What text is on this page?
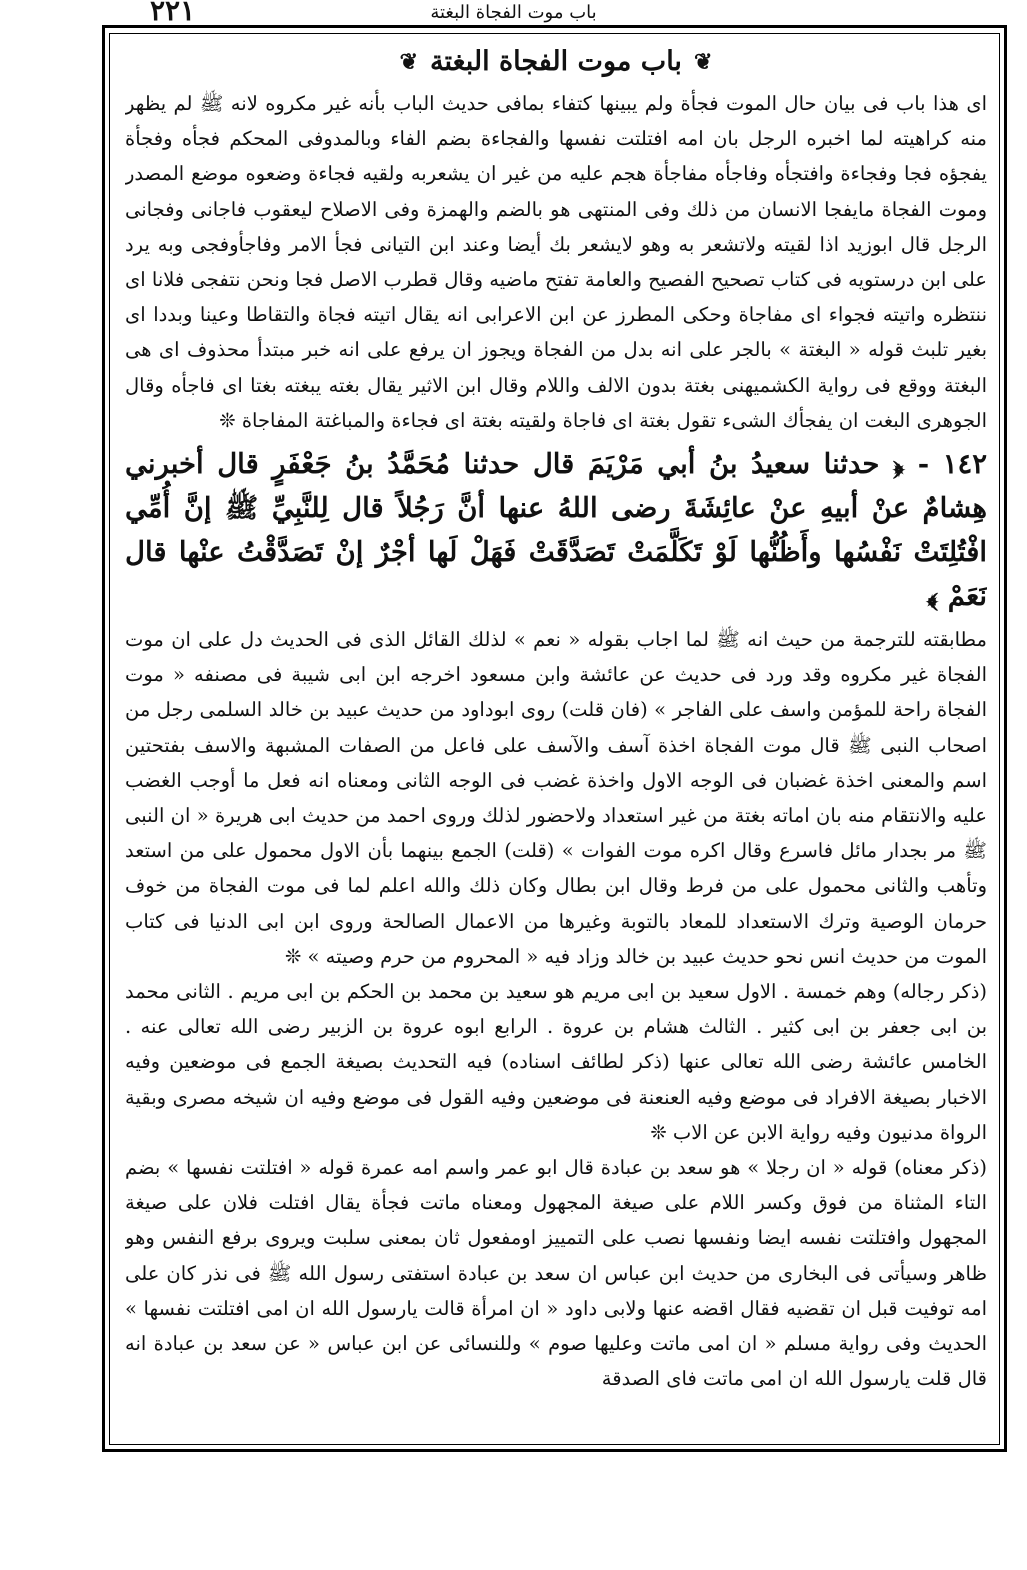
٢٢١	باب موت الفجاة البغتة
❦
باب موت الفجاة البغتة
❦

اى هذا باب فى بيان حال الموت فجأة ولم يبينها كتفاء بمافى حديث الباب بأنه غير مكروه لانه ﷺ لم يظهر منه كراهيته لما اخبره الرجل بان امه افتلتت نفسها والفجاءة بضم الفاء وبالمدوفى المحكم فجأه وفجأة يفجؤه فجا وفجاءة وافتجأه وفاجأه مفاجأة هجم عليه من غير ان يشعربه ولقيه فجاءة وضعوه موضع المصدر وموت الفجاة مايفجا الانسان من ذلك وفى المنتهى هو بالضم والهمزة وفى الاصلاح ليعقوب فاجانى وفجانى الرجل قال ابوزيد اذا لقيته ولاتشعر به وهو لايشعر بك أيضا وعند ابن التيانى فجأ الامر وفاجأوفجى وبه يرد على ابن درستويه فى كتاب تصحيح الفصيح والعامة تفتح ماضيه وقال قطرب الاصل فجا ونحن نتفجى فلانا اى ننتظره واتيته فجواء اى مفاجاة وحكى المطرز عن ابن الاعرابى انه يقال اتيته فجاة والتقاطا وعينا وبددا اى بغير تلبث قوله « البغتة » بالجر على انه بدل من الفجاة ويجوز ان يرفع على انه خبر مبتدأ محذوف اى هى البغتة ووقع فى رواية الكشميهنى بغتة بدون الالف واللام وقال ابن الاثير يقال بغته يبغته بغتا اى فاجأه وقال الجوهرى البغت ان يفجأك الشىء تقول بغتة اى فاجاة ولقيته بغتة اى فجاءة والمباغتة المفاجاة ❊

١٤٢ - ﴿ حدثنا سعيدُ بنُ أبي مَرْيَمَ قال حدثنا مُحَمَّدُ بنُ جَعْفَرٍ قال أخبرني هِشامٌ عنْ أبيهِ عنْ عائِشَةَ رضى اللهُ عنها أنَّ رَجُلاً قال لِلنَّبِيِّ ﷺ إنَّ أُمِّي افْتُلِتَتْ نَفْسُها وأَظُنُّها لَوْ تَكَلَّمَتْ تَصَدَّقَتْ فَهَلْ لَها أجْرٌ إنْ تَصَدَّقْتُ عنْها قال نَعَمْ ﴾

مطابقته للترجمة من حيث انه ﷺ لما اجاب بقوله « نعم » لذلك القائل الذى فى الحديث دل على ان موت الفجاة غير مكروه وقد ورد فى حديث عن عائشة وابن مسعود اخرجه ابن ابى شيبة فى مصنفه « موت الفجاة راحة للمؤمن واسف على الفاجر » (فان قلت) روى ابوداود من حديث عبيد بن خالد السلمى رجل من اصحاب النبى ﷺ قال موت الفجاة اخذة آسف والآسف على فاعل من الصفات المشبهة والاسف بفتحتين اسم والمعنى اخذة غضبان فى الوجه الاول واخذة غضب فى الوجه الثانى ومعناه انه فعل ما أوجب الغضب عليه والانتقام منه بان اماته بغتة من غير استعداد ولاحضور لذلك وروى احمد من حديث ابى هريرة « ان النبى ﷺ مر بجدار مائل فاسرع وقال اكره موت الفوات » (قلت) الجمع بينهما بأن الاول محمول على من استعد وتأهب والثانى محمول على من فرط وقال ابن بطال وكان ذلك والله اعلم لما فى موت الفجاة من خوف حرمان الوصية وترك الاستعداد للمعاد بالتوبة وغيرها من الاعمال الصالحة وروى ابن ابى الدنيا فى كتاب الموت من حديث انس نحو حديث عبيد بن خالد وزاد فيه « المحروم من حرم وصيته » ❊

(ذكر رجاله) وهم خمسة . الاول سعيد بن ابى مريم هو سعيد بن محمد بن الحكم بن ابى مريم . الثانى محمد بن ابى جعفر بن ابى كثير . الثالث هشام بن عروة . الرابع ابوه عروة بن الزبير رضى الله تعالى عنه . الخامس عائشة رضى الله تعالى عنها (ذكر لطائف اسناده) فيه التحديث بصيغة الجمع فى موضعين وفيه الاخبار بصيغة الافراد فى موضع وفيه العنعنة فى موضعين وفيه القول فى موضع وفيه ان شيخه مصرى وبقية الرواة مدنيون وفيه رواية الابن عن الاب ❊

(ذكر معناه) قوله « ان رجلا » هو سعد بن عبادة قال ابو عمر واسم امه عمرة قوله « افتلتت نفسها » بضم التاء المثناة من فوق وكسر اللام على صيغة المجهول ومعناه ماتت فجأة يقال افتلت فلان على صيغة المجهول وافتلتت نفسه ايضا ونفسها نصب على التمييز اومفعول ثان بمعنى سلبت ويروى برفع النفس وهو ظاهر وسيأتى فى البخارى من حديث ابن عباس ان سعد بن عبادة استفتى رسول الله ﷺ فى نذر كان على امه توفيت قبل ان تقضيه فقال اقضه عنها ولابى داود « ان امرأة قالت يارسول الله ان امى افتلتت نفسها » الحديث وفى رواية مسلم « ان امى ماتت وعليها صوم » وللنسائى عن ابن عباس « عن سعد بن عبادة انه قال قلت يارسول الله ان امى ماتت فاى الصدقة
